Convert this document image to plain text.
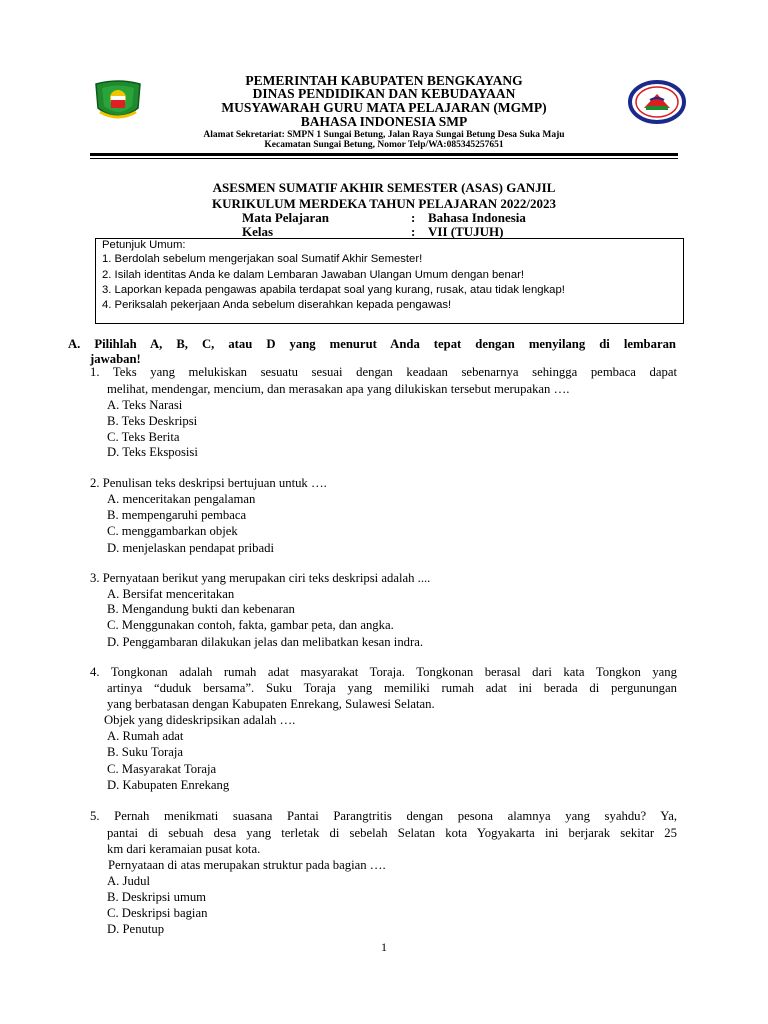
PEMERINTAH KABUPATEN BENGKAYANG
DINAS PENDIDIKAN DAN KEBUDAYAAN
MUSYAWARAH GURU MATA PELAJARAN (MGMP)
BAHASA INDONESIA SMP
Alamat Sekretariat: SMPN 1 Sungai Betung, Jalan Raya Sungai Betung Desa Suka Maju
Kecamatan Sungai Betung, Nomor Telp/WA:085345257651
ASESMEN SUMATIF AKHIR SEMESTER (ASAS) GANJIL
KURIKULUM MERDEKA TAHUN PELAJARAN 2022/2023
Mata Pelajaran	: Bahasa Indonesia
Kelas	: VII (TUJUH)
Petunjuk Umum:
1. Berdolah sebelum mengerjakan soal Sumatif Akhir Semester!
2. Isilah identitas Anda ke dalam Lembaran Jawaban Ulangan Umum dengan benar!
3. Laporkan kepada pengawas apabila terdapat soal yang kurang, rusak, atau tidak lengkap!
4. Periksalah pekerjaan Anda sebelum diserahkan kepada pengawas!
A. Pilihlah A, B, C, atau D yang menurut Anda tepat dengan menyilang di lembaran
jawaban!
1. Teks yang melukiskan sesuatu sesuai dengan keadaan sebenarnya sehingga pembaca dapat
melihat, mendengar, mencium, dan merasakan apa yang dilukiskan tersebut merupakan ….
A. Teks Narasi
B. Teks Deskripsi
C. Teks Berita
D. Teks Eksposisi
2. Penulisan teks deskripsi bertujuan untuk ….
A. menceritakan pengalaman
B. mempengaruhi pembaca
C. menggambarkan objek
D. menjelaskan pendapat pribadi
3. Pernyataan berikut yang merupakan ciri teks deskripsi adalah ....
A. Bersifat menceritakan
B. Mengandung bukti dan kebenaran
C. Menggunakan contoh, fakta, gambar peta, dan angka.
D. Penggambaran dilakukan jelas dan melibatkan kesan indra.
4. Tongkonan adalah rumah adat masyarakat Toraja. Tongkonan berasal dari kata Tongkon yang
artinya “duduk bersama”. Suku Toraja yang memiliki rumah adat ini berada di pergunungan
yang berbatasan dengan Kabupaten Enrekang, Sulawesi Selatan.
Objek yang dideskripsikan adalah ….
A. Rumah adat
B. Suku Toraja
C. Masyarakat Toraja
D. Kabupaten Enrekang
5. Pernah menikmati suasana Pantai Parangtritis dengan pesona alamnya yang syahdu? Ya,
pantai di sebuah desa yang terletak di sebelah Selatan kota Yogyakarta ini berjarak sekitar 25
km dari keramaian pusat kota.
Pernyataan di atas merupakan struktur pada bagian ….
A. Judul
B. Deskripsi umum
C. Deskripsi bagian
D. Penutup
1
